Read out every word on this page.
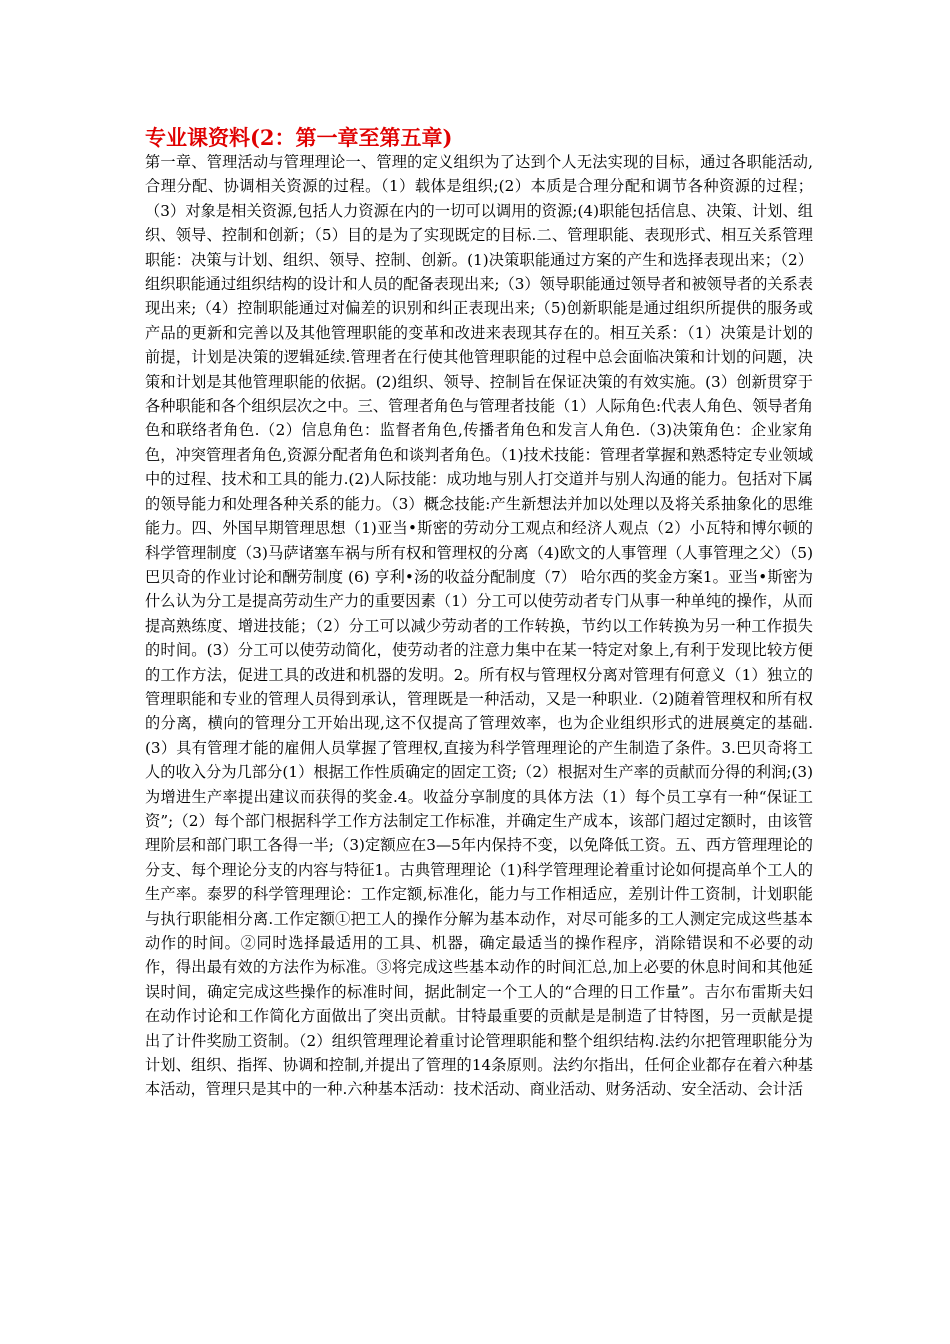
专业课资料(2：第一章至第五章)

第一章、管理活动与管理理论一、管理的定义组织为了达到个人无法实现的目标，通过各职能活动,合理分配、协调相关资源的过程。（1）载体是组织;(2）本质是合理分配和调节各种资源的过程；（3）对象是相关资源,包括人力资源在内的一切可以调用的资源;(4)职能包括信息、决策、计划、组织、领导、控制和创新；（5）目的是为了实现既定的目标.二、管理职能、表现形式、相互关系管理职能：决策与计划、组织、领导、控制、创新。(1)决策职能通过方案的产生和选择表现出来；（2）组织职能通过组织结构的设计和人员的配备表现出来;（3）领导职能通过领导者和被领导者的关系表现出来;（4）控制职能通过对偏差的识别和纠正表现出来;（5)创新职能是通过组织所提供的服务或产品的更新和完善以及其他管理职能的变革和改进来表现其存在的。相互关系：（1）决策是计划的前提，计划是决策的逻辑延续.管理者在行使其他管理职能的过程中总会面临决策和计划的问题，决策和计划是其他管理职能的依据。(2)组织、领导、控制旨在保证决策的有效实施。(3）创新贯穿于各种职能和各个组织层次之中。三、管理者角色与管理者技能（1）人际角色:代表人角色、领导者角色和联络者角色.（2）信息角色：监督者角色,传播者角色和发言人角色.（3)决策角色：企业家角色，冲突管理者角色,资源分配者角色和谈判者角色。（1)技术技能：管理者掌握和熟悉特定专业领域中的过程、技术和工具的能力.(2)人际技能：成功地与别人打交道并与别人沟通的能力。包括对下属的领导能力和处理各种关系的能力。（3）概念技能:产生新想法并加以处理以及将关系抽象化的思维能力。四、外国早期管理思想（1)亚当•斯密的劳动分工观点和经济人观点（2）小瓦特和博尔顿的科学管理制度（3)马萨诸塞车祸与所有权和管理权的分离（4)欧文的人事管理（人事管理之父）（5) 巴贝奇的作业讨论和酬劳制度 (6) 亨利•汤的收益分配制度（7） 哈尔西的奖金方案1。亚当•斯密为什么认为分工是提高劳动生产力的重要因素（1）分工可以使劳动者专门从事一种单纯的操作，从而提高熟练度、增进技能；（2）分工可以减少劳动者的工作转换，节约以工作转换为另一种工作损失的时间。(3）分工可以使劳动简化，使劳动者的注意力集中在某一特定对象上,有利于发现比较方便的工作方法，促进工具的改进和机器的发明。2。所有权与管理权分离对管理有何意义（1）独立的管理职能和专业的管理人员得到承认，管理既是一种活动，又是一种职业.（2)随着管理权和所有权的分离，横向的管理分工开始出现,这不仅提高了管理效率，也为企业组织形式的进展奠定的基础.(3）具有管理才能的雇佣人员掌握了管理权,直接为科学管理理论的产生制造了条件。3.巴贝奇将工人的收入分为几部分(1）根据工作性质确定的固定工资;（2）根据对生产率的贡献而分得的利润;(3)为增进生产率提出建议而获得的奖金.4。收益分享制度的具体方法（1）每个员工享有一种“保证工资”;（2）每个部门根据科学工作方法制定工作标准，并确定生产成本，该部门超过定额时，由该管理阶层和部门职工各得一半;（3)定额应在3—5年内保持不变，以免降低工资。五、西方管理理论的分支、每个理论分支的内容与特征1。古典管理理论（1)科学管理理论着重讨论如何提高单个工人的生产率。泰罗的科学管理理论：工作定额,标准化，能力与工作相适应，差别计件工资制，计划职能与执行职能相分离.工作定额①把工人的操作分解为基本动作，对尽可能多的工人测定完成这些基本动作的时间。②同时选择最适用的工具、机器，确定最适当的操作程序，消除错误和不必要的动作，得出最有效的方法作为标准。③将完成这些基本动作的时间汇总,加上必要的休息时间和其他延误时间，确定完成这些操作的标准时间，据此制定一个工人的“合理的日工作量”。吉尔布雷斯夫妇在动作讨论和工作简化方面做出了突出贡献。甘特最重要的贡献是是制造了甘特图，另一贡献是提出了计件奖励工资制。（2）组织管理理论着重讨论管理职能和整个组织结构.法约尔把管理职能分为计划、组织、指挥、协调和控制,并提出了管理的14条原则。法约尔指出，任何企业都存在着六种基本活动，管理只是其中的一种.六种基本活动：技术活动、商业活动、财务活动、安全活动、会计活
